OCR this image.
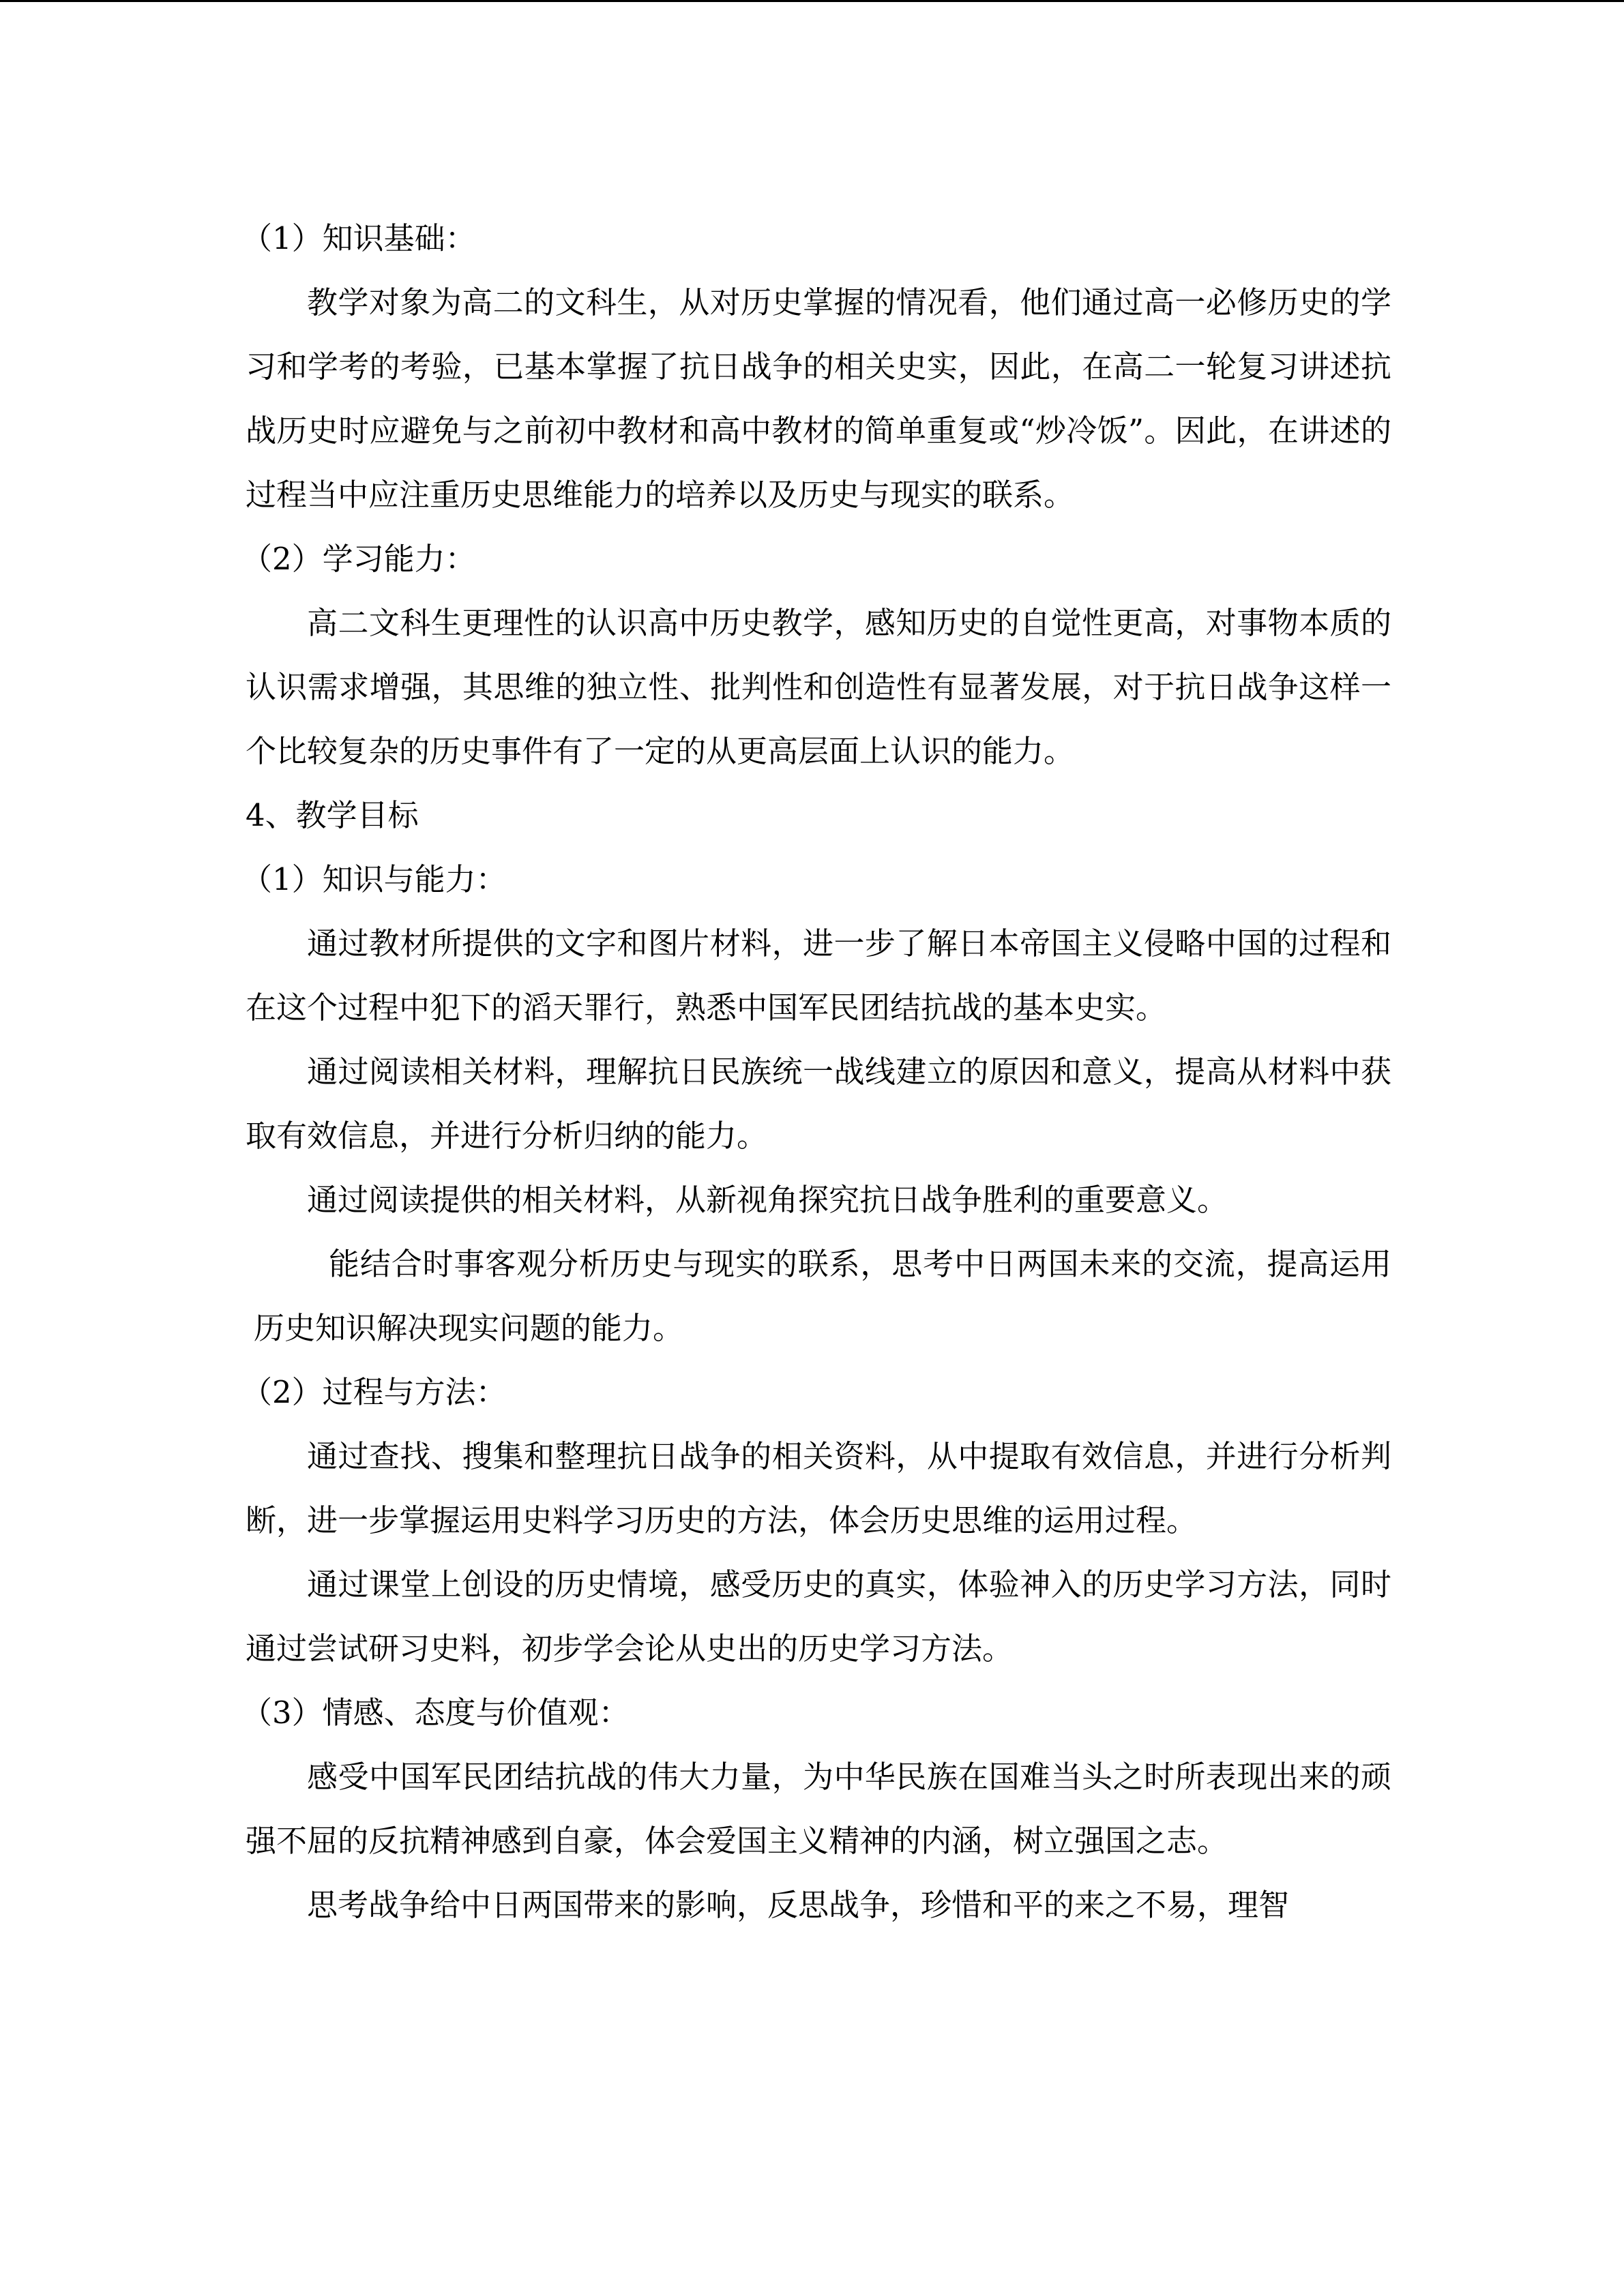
（1）知识基础：

教学对象为高二的文科生，从对历史掌握的情况看，他们通过高一必修历史的学习和学考的考验，已基本掌握了抗日战争的相关史实，因此，在高二一轮复习讲述抗战历史时应避免与之前初中教材和高中教材的简单重复或“炒冷饭”。因此，在讲述的过程当中应注重历史思维能力的培养以及历史与现实的联系。

（2）学习能力：

高二文科生更理性的认识高中历史教学，感知历史的自觉性更高，对事物本质的认识需求增强，其思维的独立性、批判性和创造性有显著发展，对于抗日战争这样一个比较复杂的历史事件有了一定的从更高层面上认识的能力。

4、教学目标

（1）知识与能力：

通过教材所提供的文字和图片材料，进一步了解日本帝国主义侵略中国的过程和在这个过程中犯下的滔天罪行，熟悉中国军民团结抗战的基本史实。

通过阅读相关材料，理解抗日民族统一战线建立的原因和意义，提高从材料中获取有效信息，并进行分析归纳的能力。

通过阅读提供的相关材料，从新视角探究抗日战争胜利的重要意义。

能结合时事客观分析历史与现实的联系，思考中日两国未来的交流，提高运用历史知识解决现实问题的能力。

（2）过程与方法：

通过查找、搜集和整理抗日战争的相关资料，从中提取有效信息，并进行分析判断，进一步掌握运用史料学习历史的方法，体会历史思维的运用过程。

通过课堂上创设的历史情境，感受历史的真实，体验神入的历史学习方法，同时通过尝试研习史料，初步学会论从史出的历史学习方法。

（3）情感、态度与价值观：

感受中国军民团结抗战的伟大力量，为中华民族在国难当头之时所表现出来的顽强不屈的反抗精神感到自豪，体会爱国主义精神的内涵，树立强国之志。

思考战争给中日两国带来的影响，反思战争，珍惜和平的来之不易，理智
